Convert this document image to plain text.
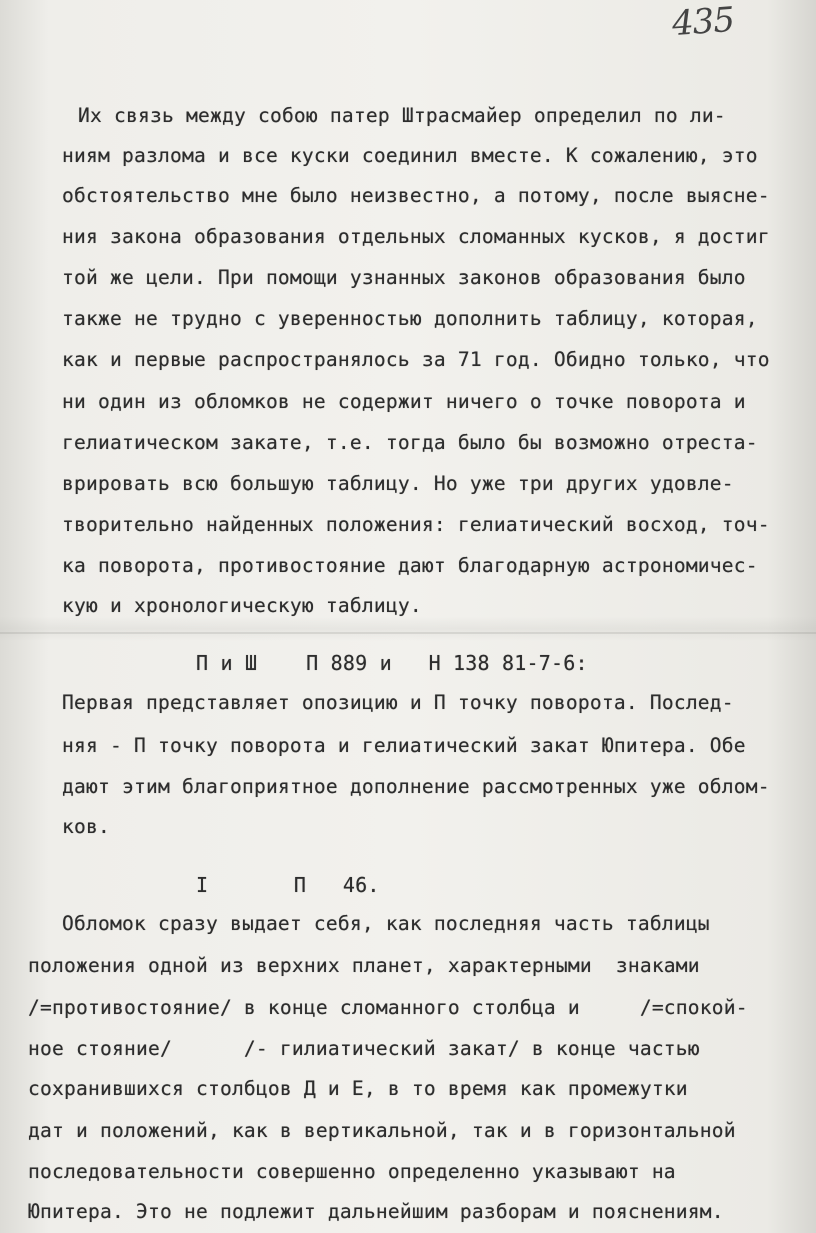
435
Их связь между собою патер Штрасмайер определил по ли-
ниям разлома и все куски соединил вместе. К сожалению, это
обстоятельство мне было неизвестно, а потому, после выясне-
ния закона образования отдельных сломанных кусков, я достиг
той же цели. При помощи узнанных законов образования было
также не трудно с уверенностью дополнить таблицу, которая,
как и первые распространялось за 71 год. Обидно только, что
ни один из обломков не содержит ничего о точке поворота и
гелиатическом закате, т.е. тогда было бы возможно отреста-
врировать всю большую таблицу. Но уже три других удовле-
творительно найденных положения: гелиатический восход, точ-
ка поворота, противостояние дают благодарную астрономичес-
кую и хронологическую таблицу.
П и Ш    П 889 и   Н 138 81-7-6:
Первая представляет опозицию и П точку поворота. Послед-
няя - П точку поворота и гелиатический закат Юпитера. Обе
дают этим благоприятное дополнение рассмотренных уже облом-
ков.
I       П   46.
Обломок сразу выдает себя, как последняя часть таблицы
положения одной из верхних планет, характерными  знаками
/=противостояние/ в конце сломанного столбца и     /=спокой-
ное стояние/      /- гилиатический закат/ в конце частью
сохранившихся столбцов Д и Е, в то время как промежутки
дат и положений, как в вертикальной, так и в горизонтальной
последовательности совершенно определенно указывают на
Юпитера. Это не подлежит дальнейшим разборам и пояснениям.
